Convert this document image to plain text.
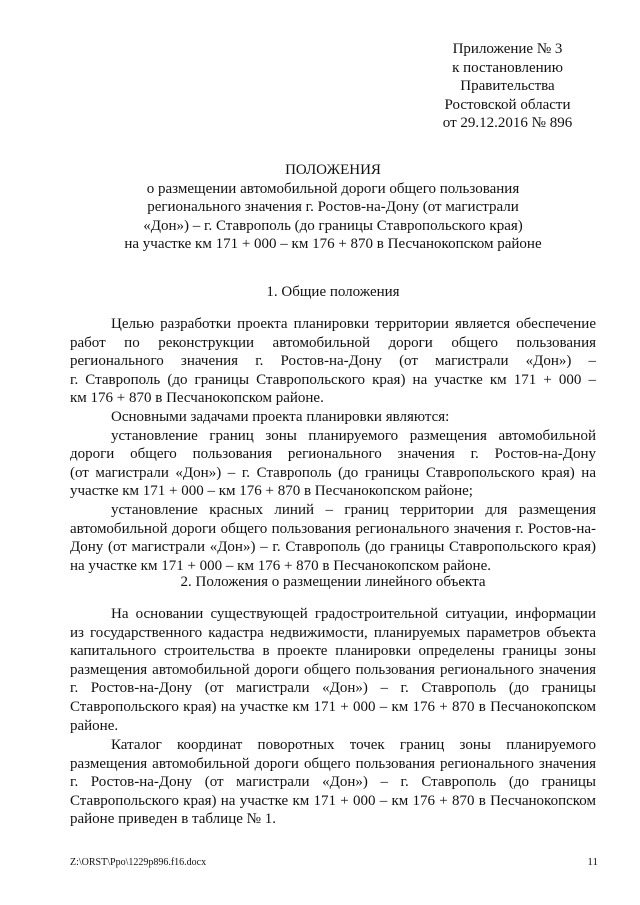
Приложение № 3
к постановлению
Правительства
Ростовской области
от 29.12.2016 № 896
ПОЛОЖЕНИЯ
о размещении автомобильной дороги общего пользования
регионального значения г. Ростов-на-Дону (от магистрали
«Дон») – г. Ставрополь (до границы Ставропольского края)
на участке км 171 + 000 – км 176 + 870 в Песчанокопском районе
1. Общие положения
Целью разработки проекта планировки территории является обеспечение
работ по реконструкции автомобильной дороги общего пользования
регионального значения г. Ростов-на-Дону (от магистрали «Дон») –
г. Ставрополь (до границы Ставропольского края) на участке км 171 + 000 –
км 176 + 870 в Песчанокопском районе.
Основными задачами проекта планировки являются:
установление границ зоны планируемого размещения автомобильной
дороги общего пользования регионального значения г. Ростов-на-Дону
(от магистрали «Дон») – г. Ставрополь (до границы Ставропольского края) на
участке км 171 + 000 – км 176 + 870 в Песчанокопском районе;
установление красных линий – границ территории для размещения
автомобильной дороги общего пользования регионального значения г. Ростов-на-
Дону (от магистрали «Дон») – г. Ставрополь (до границы Ставропольского края)
на участке км 171 + 000 – км 176 + 870 в Песчанокопском районе.
2. Положения о размещении линейного объекта
На основании существующей градостроительной ситуации, информации
из государственного кадастра недвижимости, планируемых параметров объекта
капитального строительства в проекте планировки определены границы зоны
размещения автомобильной дороги общего пользования регионального значения
г. Ростов-на-Дону (от магистрали «Дон») – г. Ставрополь (до границы
Ставропольского края) на участке км 171 + 000 – км 176 + 870 в Песчанокопском
районе.
Каталог координат поворотных точек границ зоны планируемого
размещения автомобильной дороги общего пользования регионального значения
г. Ростов-на-Дону (от магистрали «Дон») – г. Ставрополь (до границы
Ставропольского края) на участке км 171 + 000 – км 176 + 870 в Песчанокопском
районе приведен в таблице № 1.
Z:\ORST\Ppo\1229p896.f16.docx	11
